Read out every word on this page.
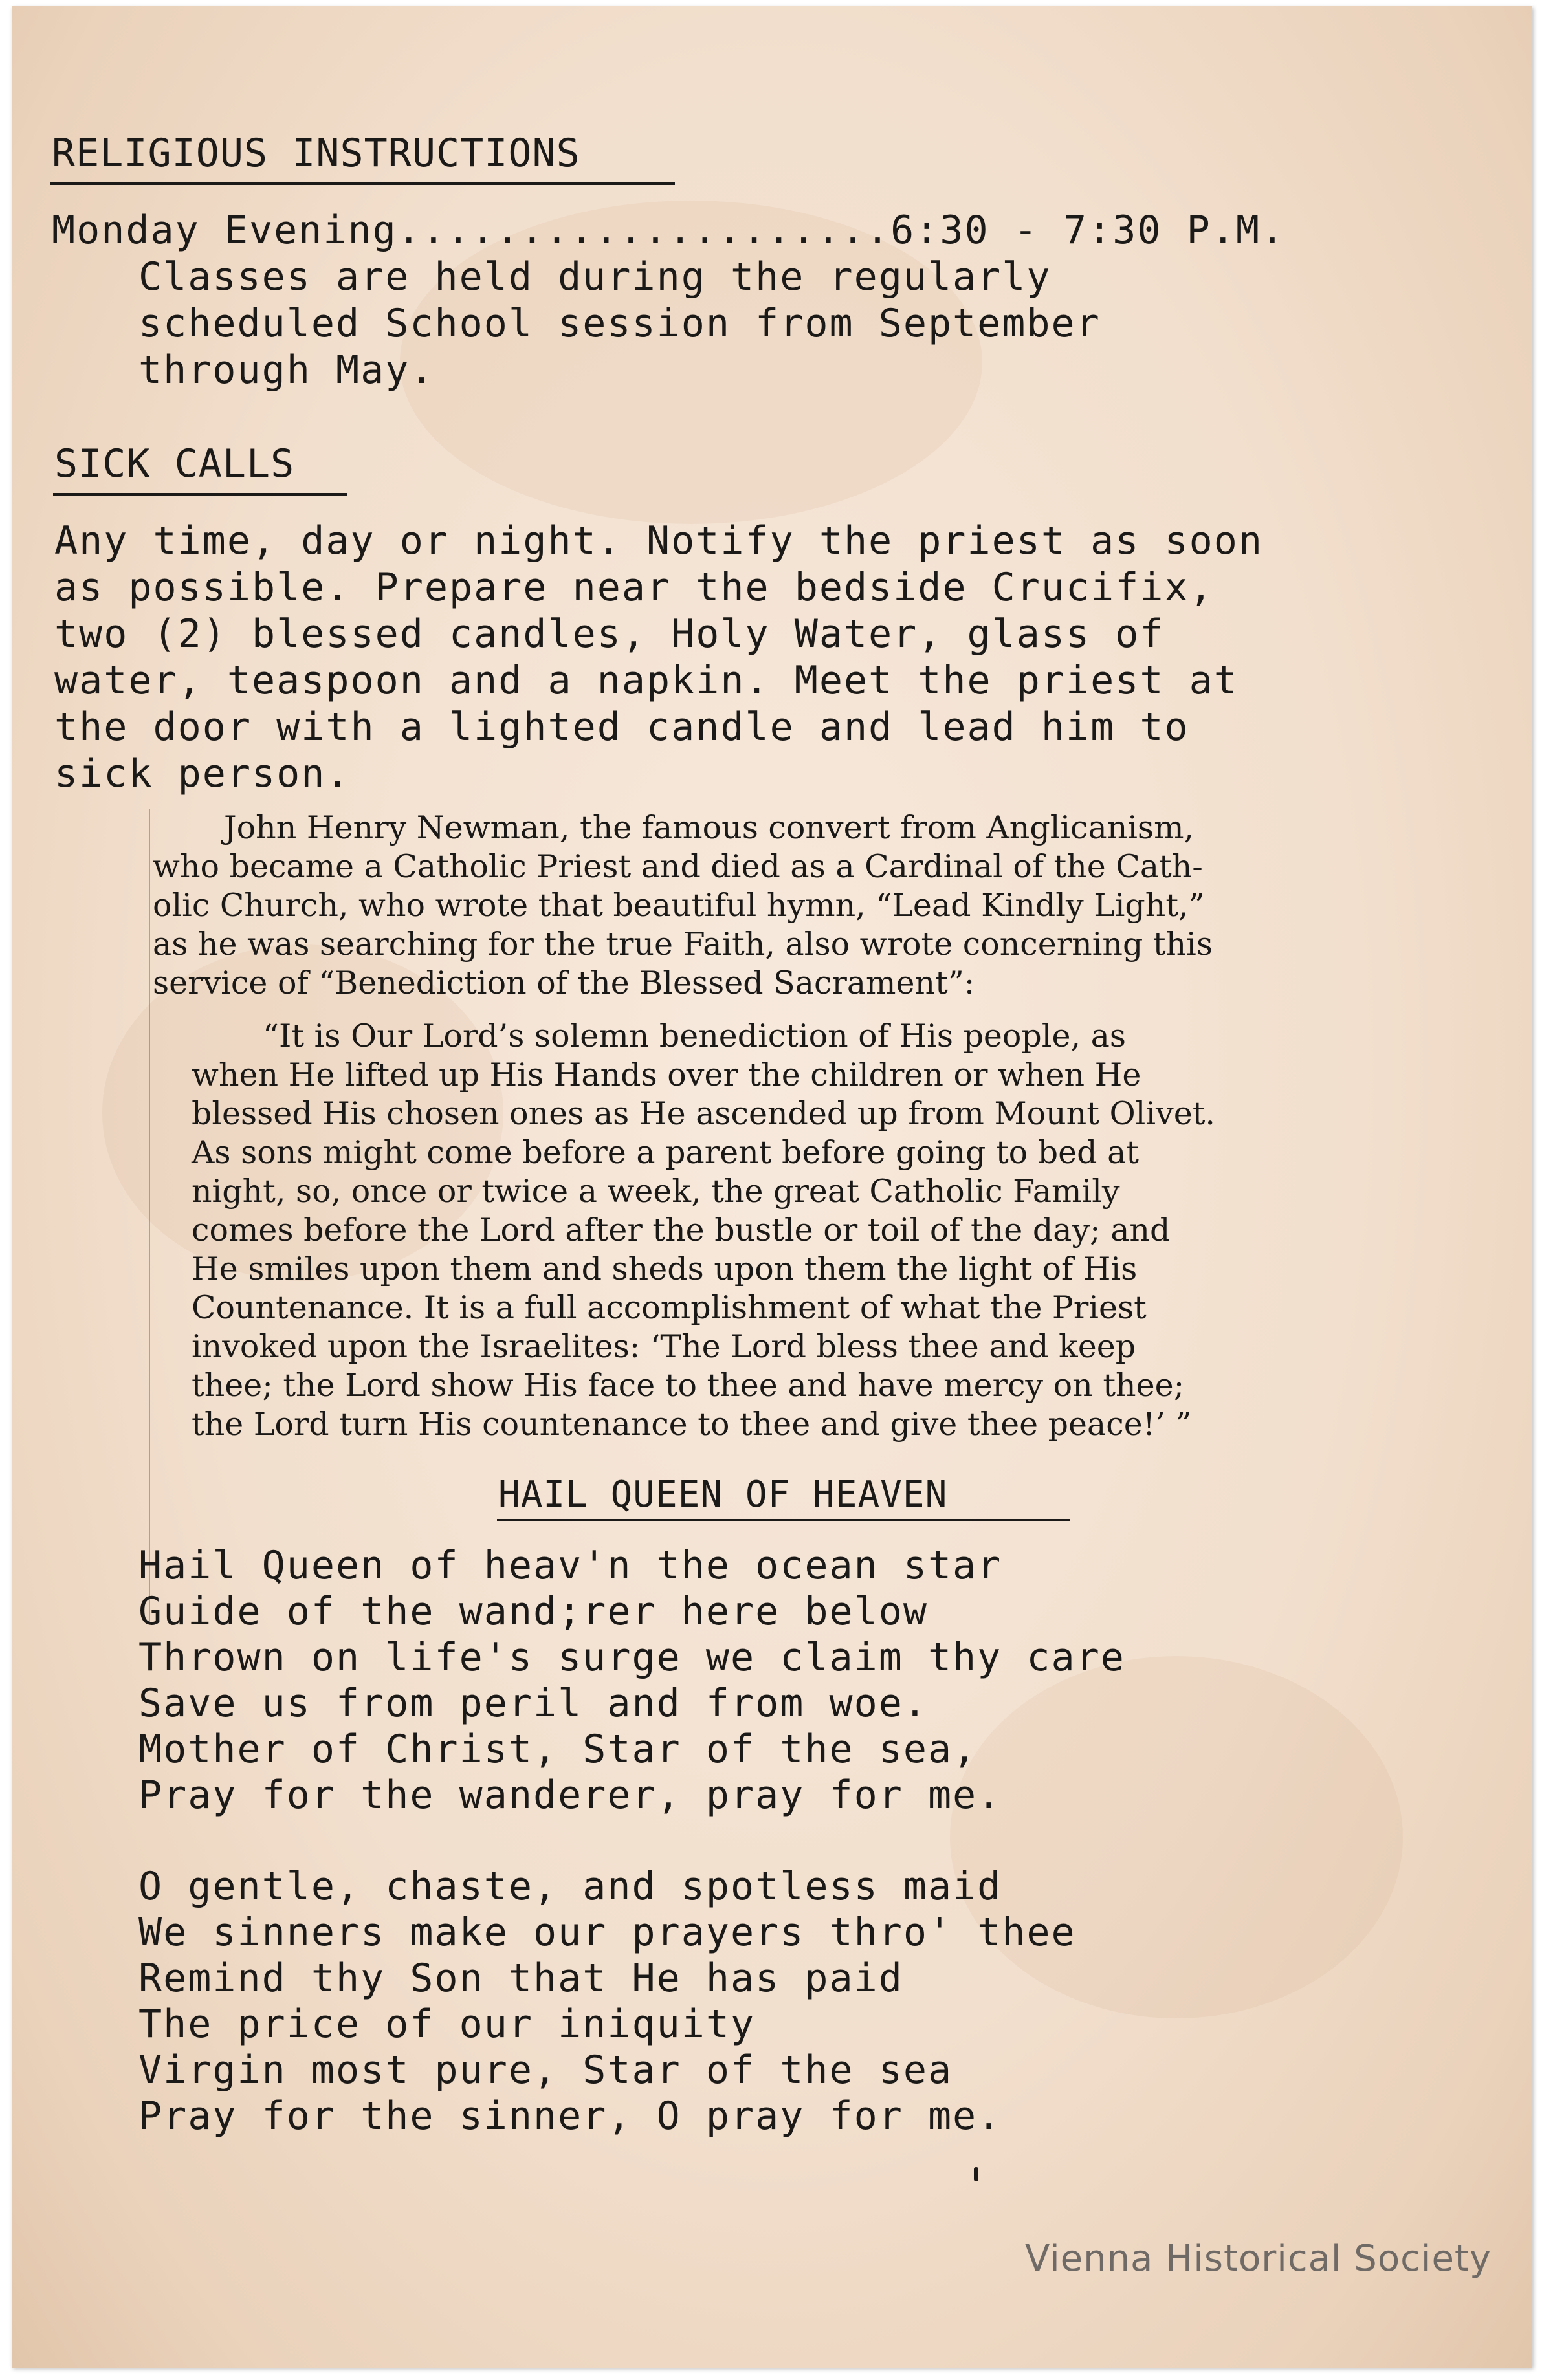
RELIGIOUS INSTRUCTIONS
Monday Evening....................6:30 - 7:30 P.M.
Classes are held during the regularly
scheduled School session from September
through May.
SICK CALLS
Any time, day or night. Notify the priest as soon
as possible. Prepare near the bedside Crucifix,
two (2) blessed candles, Holy Water, glass of
water, teaspoon and a napkin. Meet the priest at
the door with a lighted candle and lead him to
sick person.
John Henry Newman, the famous convert from Anglicanism,
who became a Catholic Priest and died as a Cardinal of the Cath-
olic Church, who wrote that beautiful hymn, “Lead Kindly Light,”
as he was searching for the true Faith, also wrote concerning this
service of “Benediction of the Blessed Sacrament”:
“It is Our Lord’s solemn benediction of His people, as
when He lifted up His Hands over the children or when He
blessed His chosen ones as He ascended up from Mount Olivet.
As sons might come before a parent before going to bed at
night, so, once or twice a week, the great Catholic Family
comes before the Lord after the bustle or toil of the day; and
He smiles upon them and sheds upon them the light of His
Countenance. It is a full accomplishment of what the Priest
invoked upon the Israelites: ‘The Lord bless thee and keep
thee; the Lord show His face to thee and have mercy on thee;
the Lord turn His countenance to thee and give thee peace!’ ”
HAIL QUEEN OF HEAVEN
Hail Queen of heav'n the ocean star
Guide of the wand;rer here below
Thrown on life's surge we claim thy care
Save us from peril and from woe.
Mother of Christ, Star of the sea,
Pray for the wanderer, pray for me.
O gentle, chaste, and spotless maid
We sinners make our prayers thro' thee
Remind thy Son that He has paid
The price of our iniquity
Virgin most pure, Star of the sea
Pray for the sinner, O pray for me.
Vienna Historical Society
